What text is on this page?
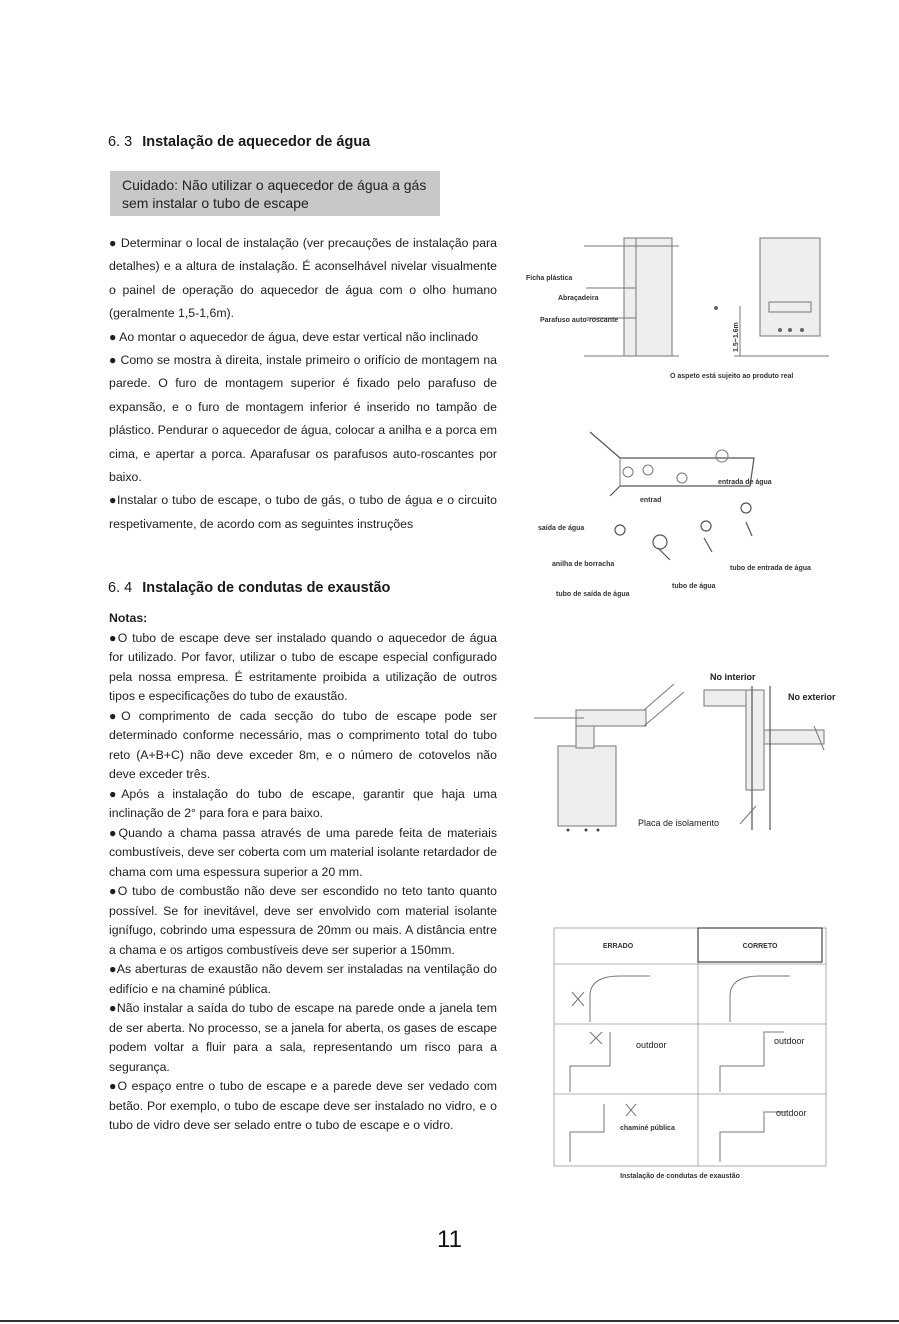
6. 3 Instalação de aquecedor de água
Cuidado: Não utilizar o aquecedor de água a gás sem instalar o tubo de escape

● Determinar o local de instalação (ver precauções de instalação para detalhes) e a altura de instalação. É aconselhável nivelar visualmente o painel de operação do aquecedor de água com o olho humano (geralmente 1,5-1,6m).

● Ao montar o aquecedor de água, deve estar vertical não inclinado

● Como se mostra à direita, instale primeiro o orifício de montagem na parede. O furo de montagem superior é fixado pelo parafuso de expansão, e o furo de montagem inferior é inserido no tampão de plástico. Pendurar o aquecedor de água, colocar a anilha e a porca em cima, e apertar a porca. Aparafusar os parafusos auto-roscantes por baixo.

●Instalar o tubo de escape, o tubo de gás, o tubo de água e o circuito respetivamente, de acordo com as seguintes instruções

6. 4 Instalação de condutas de exaustão

Notas:

●O tubo de escape deve ser instalado quando o aquecedor de água for utilizado. Por favor, utilizar o tubo de escape especial configurado pela nossa empresa. É estritamente proibida a utilização de outros tipos e especificações do tubo de exaustão.

●O comprimento de cada secção do tubo de escape pode ser determinado conforme necessário, mas o comprimento total do tubo reto (A+B+C) não deve exceder 8m, e o número de cotovelos não deve exceder três.

●Após a instalação do tubo de escape, garantir que haja uma inclinação de 2° para fora e para baixo.

●Quando a chama passa através de uma parede feita de materiais combustíveis, deve ser coberta com um material isolante retardador de chama com uma espessura superior a 20 mm.

●O tubo de combustão não deve ser escondido no teto tanto quanto possível. Se for inevitável, deve ser envolvido com material isolante ignífugo, cobrindo uma espessura de 20mm ou mais. A distância entre a chama e os artigos combustíveis deve ser superior a 150mm.

●As aberturas de exaustão não devem ser instaladas na ventilação do edifício e na chaminé pública.

●Não instalar a saída do tubo de escape na parede onde a janela tem de ser aberta. No processo, se a janela for aberta, os gases de escape podem voltar a fluir para a sala, representando um risco para a segurança.

●O espaço entre o tubo de escape e a parede deve ser vedado com betão. Por exemplo, o tubo de escape deve ser instalado no vidro, e o tubo de vidro deve ser selado entre o tubo de escape e o vidro.

Ficha plástica
Abraçadeira
Parafuso auto-roscante
1.5~1.6m
O aspeto está sujeito ao produto real
entrada de água
entrad
saída de água
anilha de borracha
tubo de entrada de água
tubo de água
tubo de saída de água
No interior
No exterior
Placa de isolamento
ERRADO	CORRETO
outdoor	outdoor
chaminé pública
outdoor
Instalação de condutas de exaustão
11
